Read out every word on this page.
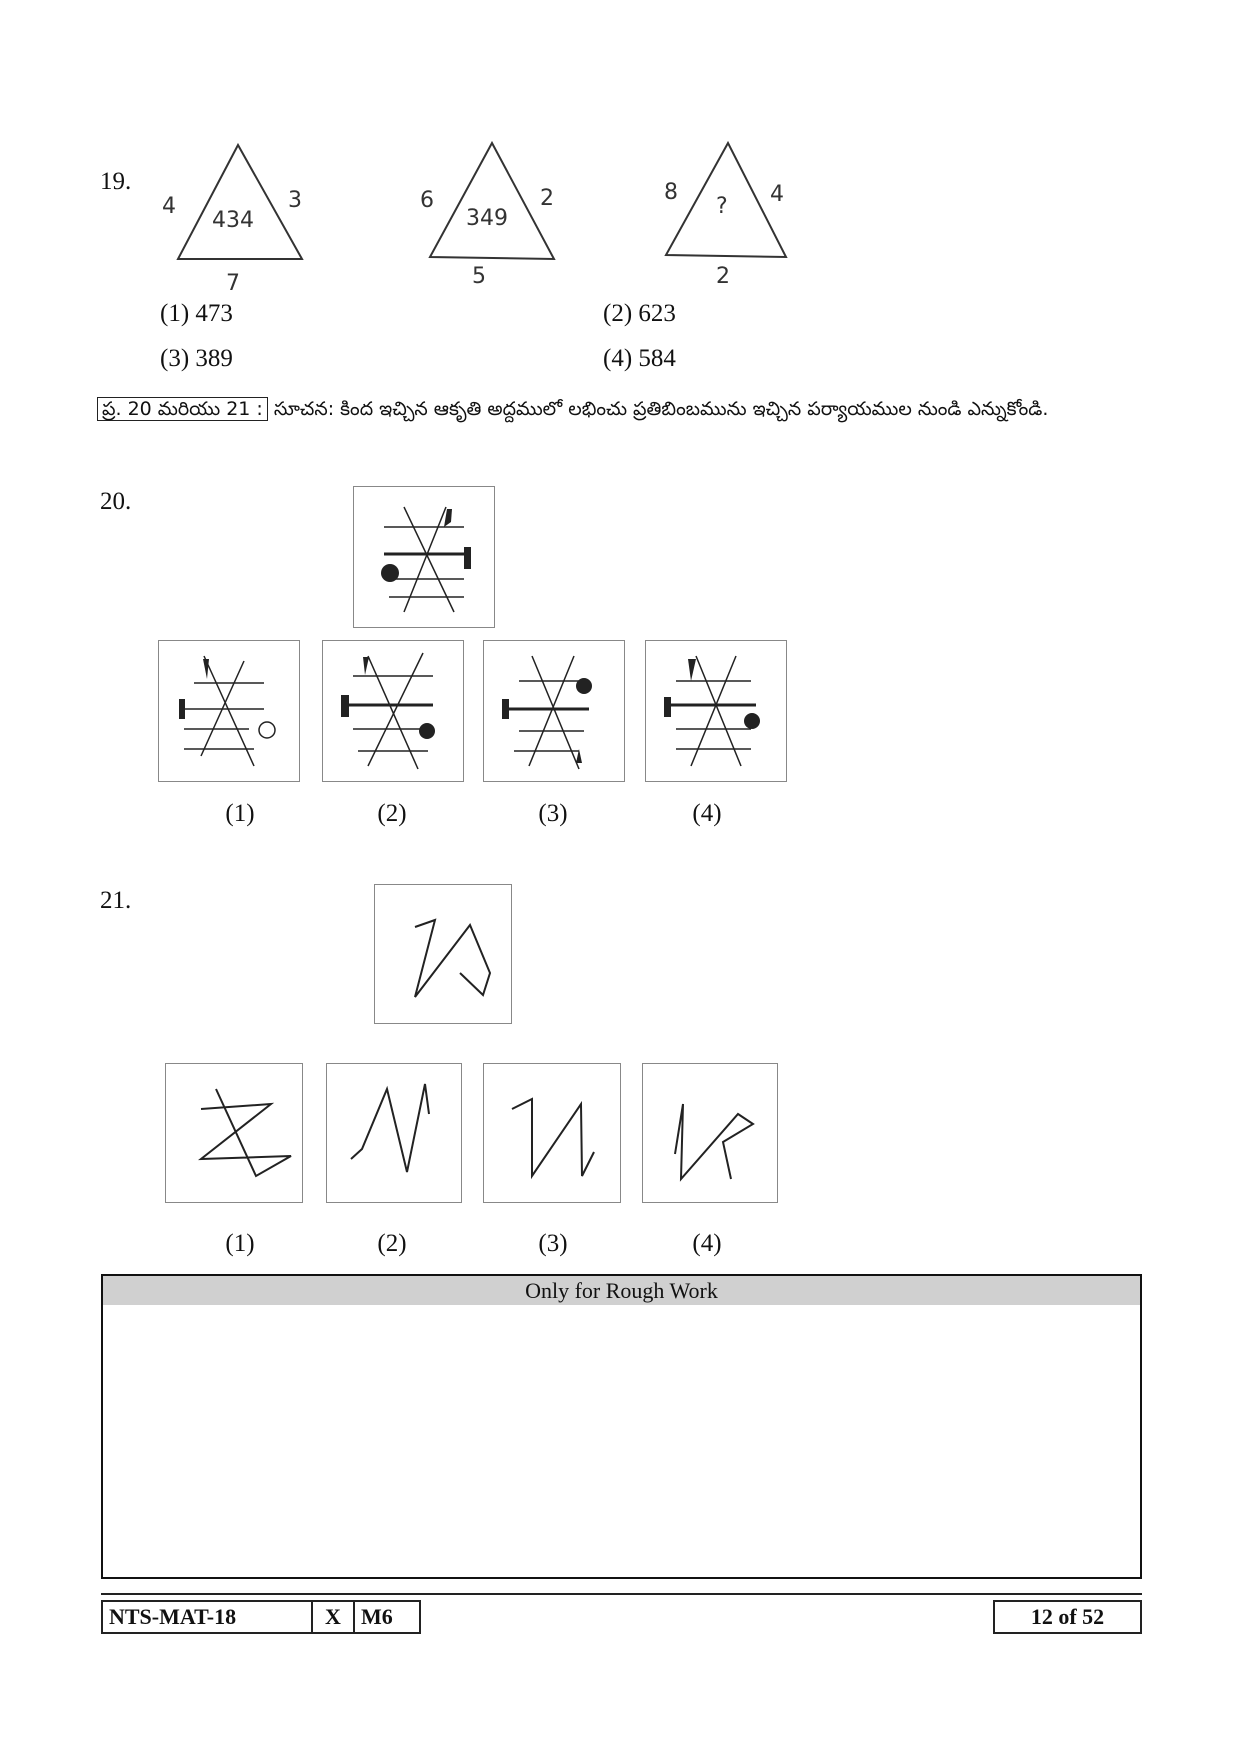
19.
4	3
434
7
6	2
349
5
8	4
?
2
(1) 473	(2) 623
(3) 389	(4) 584
ప్ర. 20 మరియు 21 : సూచన: కింద ఇచ్చిన ఆకృతి అద్దములో లభించు ప్రతిబింబమును ఇచ్చిన పర్యాయముల నుండి ఎన్నుకోండి.
20.
(1)	(2)	(3)	(4)
21.
(1)	(2)	(3)	(4)
Only for Rough Work
NTS-MAT-18	X M6	12 of 52
